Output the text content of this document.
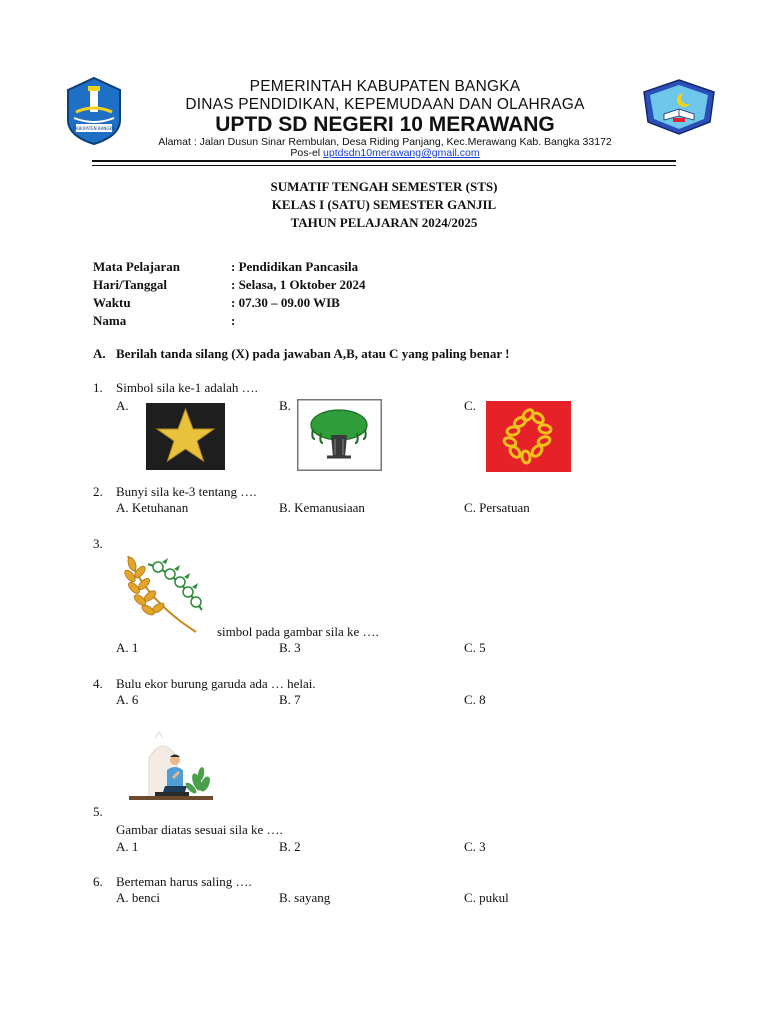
KABUPATEN BANGKA
PEMERINTAH KABUPATEN BANGKA
DINAS PENDIDIKAN, KEPEMUDAAN DAN OLAHRAGA
UPTD SD NEGERI 10 MERAWANG
Alamat : Jalan Dusun Sinar Rembulan, Desa Riding Panjang, Kec.Merawang Kab. Bangka 33172
Pos-el uptdsdn10merawang@gmail.com
SUMATIF TENGAH SEMESTER (STS)
KELAS I (SATU) SEMESTER GANJIL
TAHUN PELAJARAN 2024/2025
Mata Pelajaran	: Pendidikan Pancasila
Hari/Tanggal	: Selasa, 1 Oktober 2024
Waktu	: 07.30 – 09.00 WIB
Nama	:
A. Berilah tanda silang (X) pada jawaban A,B, atau C yang paling benar !
1. Simbol sila ke-1 adalah ….
A.	B.	C.
2. Bunyi sila ke-3 tentang ….
A. Ketuhanan	B. Kemanusiaan	C. Persatuan
3.
simbol pada gambar sila ke ….
A. 1	B. 3	C. 5
4. Bulu ekor burung garuda ada … helai.
A. 6	B. 7	C. 8
5.
Gambar diatas sesuai sila ke ….
A. 1	B. 2	C. 3
6. Berteman harus saling ….
A. benci	B. sayang	C. pukul
